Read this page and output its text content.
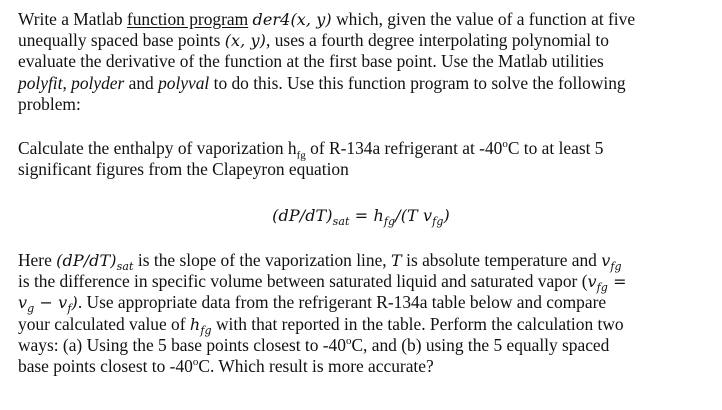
Write a Matlab function program der4(x, y) which, given the value of a function at five
unequally spaced base points (x, y), uses a fourth degree interpolating polynomial to
evaluate the derivative of the function at the first base point. Use the Matlab utilities
polyfit, polyder and polyval to do this. Use this function program to solve the following
problem:

Calculate the enthalpy of vaporization $h_{fg}$ of R-134a refrigerant at -40$^o$C to at least 5
significant figures from the Clapeyron equation

$(dP/dT)_{sat} = h_{fg}/(T$ $v_{fg}$)

Here $(dP/dT)_{sat}$ is the slope of the vaporization line, T is absolute temperature and $v_{fg}$
is the difference in specific volume between saturated liquid and saturated vapor ($v_{fg}$ =
$v_g - v_f$). Use appropriate data from the refrigerant R-134a table below and compare
your calculated value of $h_{fg}$ with that reported in the table. Perform the calculation two
ways: (a) Using the 5 base points closest to -40$^o$C, and (b) using the 5 equally spaced
base points closest to -40$^o$C. Which result is more accurate?
